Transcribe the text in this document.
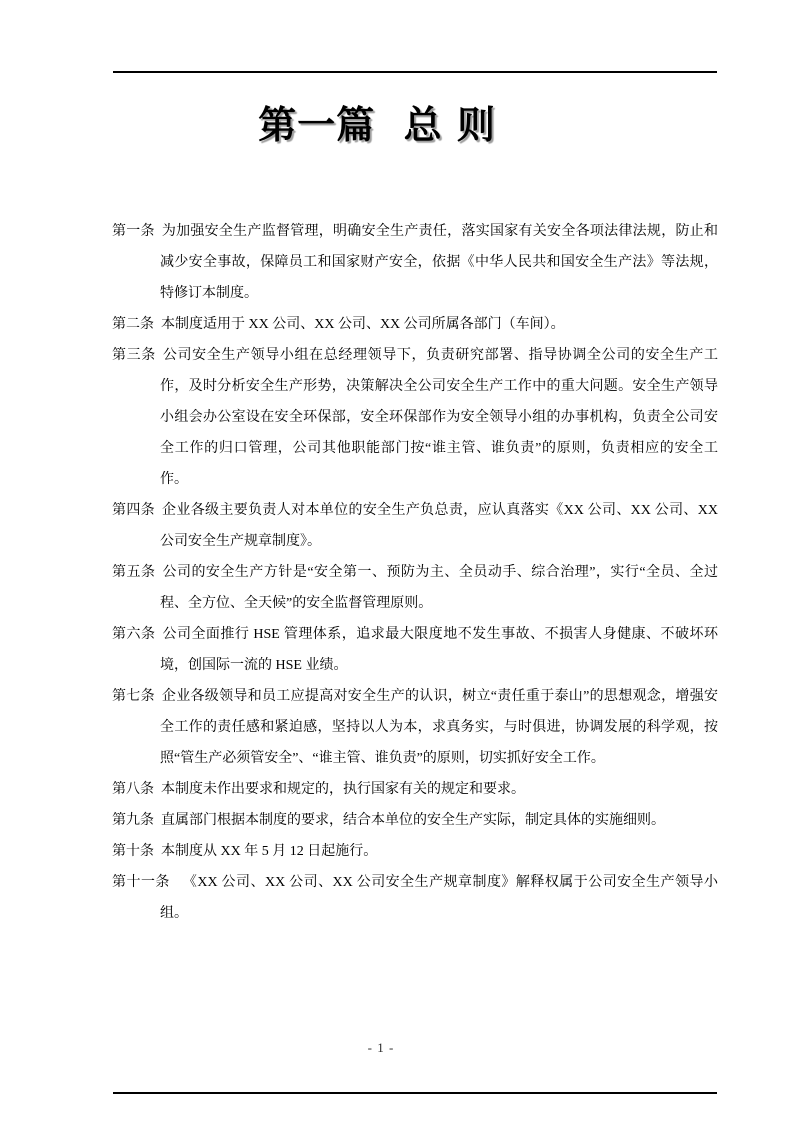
第一篇  总 则

第一条 为加强安全生产监督管理，明确安全生产责任，落实国家有关安全各项法律法规，防止和减少安全事故，保障员工和国家财产安全，依据《中华人民共和国安全生产法》等法规，特修订本制度。

第二条 本制度适用于 XX 公司、XX 公司、XX 公司所属各部门（车间）。

第三条 公司安全生产领导小组在总经理领导下，负责研究部署、指导协调全公司的安全生产工作，及时分析安全生产形势，决策解决全公司安全生产工作中的重大问题。安全生产领导小组会办公室设在安全环保部，安全环保部作为安全领导小组的办事机构，负责全公司安全工作的归口管理，公司其他职能部门按“谁主管、谁负责”的原则，负责相应的安全工作。

第四条 企业各级主要负责人对本单位的安全生产负总责，应认真落实《XX 公司、XX 公司、XX 公司安全生产规章制度》。

第五条 公司的安全生产方针是“安全第一、预防为主、全员动手、综合治理”，实行“全员、全过程、全方位、全天候”的安全监督管理原则。

第六条 公司全面推行 HSE 管理体系，追求最大限度地不发生事故、不损害人身健康、不破坏环境，创国际一流的 HSE 业绩。

第七条 企业各级领导和员工应提高对安全生产的认识，树立“责任重于泰山”的思想观念，增强安全工作的责任感和紧迫感，坚持以人为本，求真务实，与时俱进，协调发展的科学观，按照“管生产必须管安全”、“谁主管、谁负责”的原则，切实抓好安全工作。

第八条 本制度未作出要求和规定的，执行国家有关的规定和要求。

第九条 直属部门根据本制度的要求，结合本单位的安全生产实际，制定具体的实施细则。

第十条 本制度从 XX 年 5 月 12 日起施行。

第十一条 《XX 公司、XX 公司、XX 公司安全生产规章制度》解释权属于公司安全生产领导小组。

- 1 -
